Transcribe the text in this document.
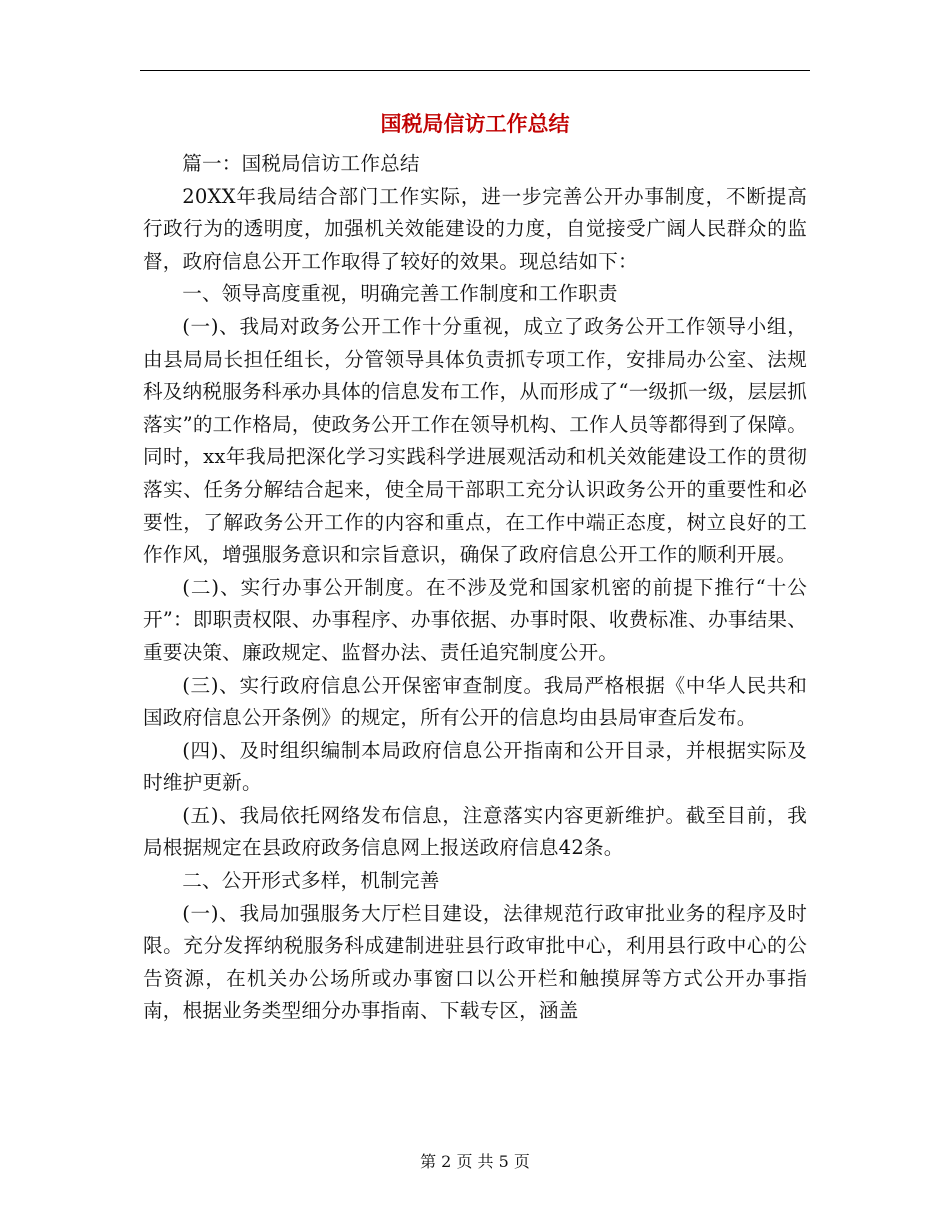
国税局信访工作总结

篇一：国税局信访工作总结

20XX年我局结合部门工作实际，进一步完善公开办事制度，不断提高行政行为的透明度，加强机关效能建设的力度，自觉接受广阔人民群众的监督，政府信息公开工作取得了较好的效果。现总结如下：

一、领导高度重视，明确完善工作制度和工作职责

(一)、我局对政务公开工作十分重视，成立了政务公开工作领导小组，由县局局长担任组长，分管领导具体负责抓专项工作，安排局办公室、法规科及纳税服务科承办具体的信息发布工作，从而形成了“一级抓一级，层层抓落实”的工作格局，使政务公开工作在领导机构、工作人员等都得到了保障。同时，xx年我局把深化学习实践科学进展观活动和机关效能建设工作的贯彻落实、任务分解结合起来，使全局干部职工充分认识政务公开的重要性和必要性，了解政务公开工作的内容和重点，在工作中端正态度，树立良好的工作作风，增强服务意识和宗旨意识，确保了政府信息公开工作的顺利开展。

(二)、实行办事公开制度。在不涉及党和国家机密的前提下推行“十公开”：即职责权限、办事程序、办事依据、办事时限、收费标准、办事结果、重要决策、廉政规定、监督办法、责任追究制度公开。

(三)、实行政府信息公开保密审查制度。我局严格根据《中华人民共和国政府信息公开条例》的规定，所有公开的信息均由县局审查后发布。

(四)、及时组织编制本局政府信息公开指南和公开目录，并根据实际及时维护更新。

(五)、我局依托网络发布信息，注意落实内容更新维护。截至目前，我局根据规定在县政府政务信息网上报送政府信息42条。

二、公开形式多样，机制完善

(一)、我局加强服务大厅栏目建设，法律规范行政审批业务的程序及时限。充分发挥纳税服务科成建制进驻县行政审批中心，利用县行政中心的公告资源，在机关办公场所或办事窗口以公开栏和触摸屏等方式公开办事指南，根据业务类型细分办事指南、下载专区，涵盖

第 2 页 共 5 页
